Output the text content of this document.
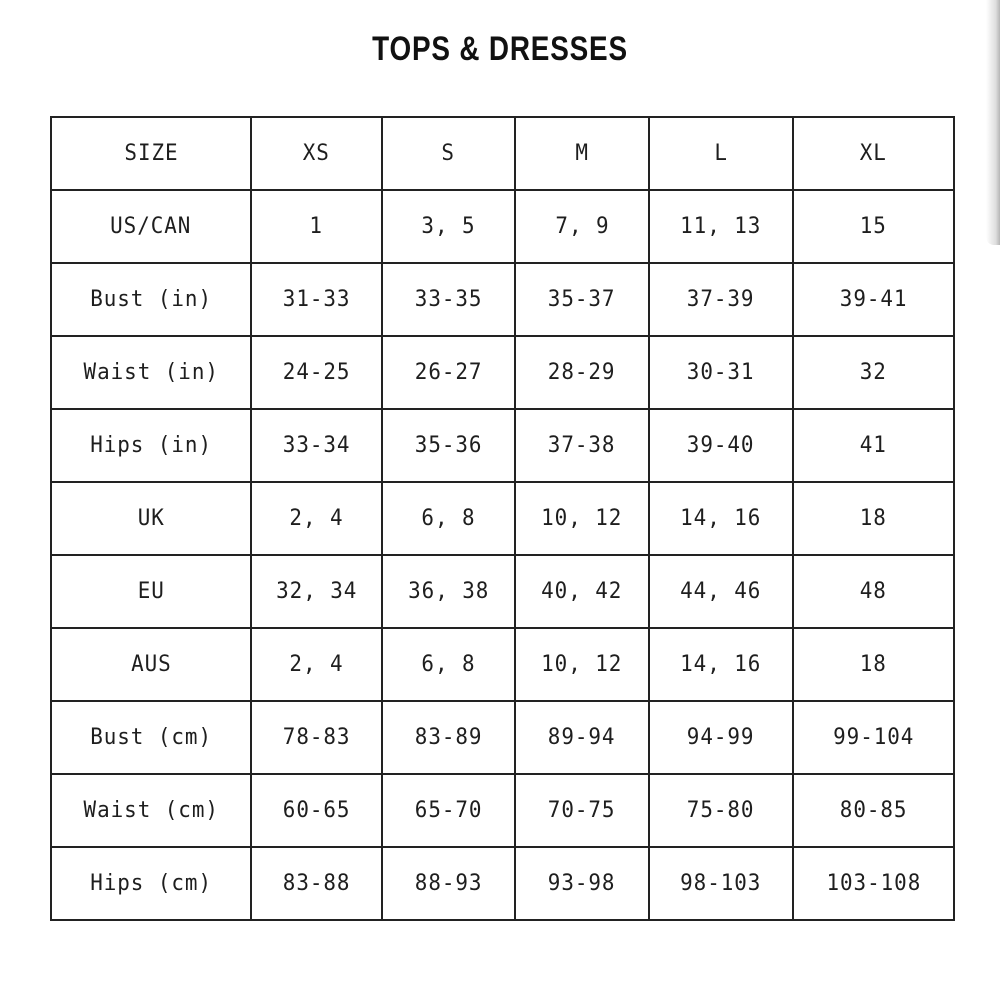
TOPS & DRESSES
SIZE	XS	S	M	L	XL
US/CAN	1	3, 5	7, 9	11, 13	15
Bust (in)	31-33	33-35	35-37	37-39	39-41
Waist (in)	24-25	26-27	28-29	30-31	32
Hips (in)	33-34	35-36	37-38	39-40	41
UK	2, 4	6, 8	10, 12	14, 16	18
EU	32, 34	36, 38	40, 42	44, 46	48
AUS	2, 4	6, 8	10, 12	14, 16	18
Bust (cm)	78-83	83-89	89-94	94-99	99-104
Waist (cm)	60-65	65-70	70-75	75-80	80-85
Hips (cm)	83-88	88-93	93-98	98-103	103-108
